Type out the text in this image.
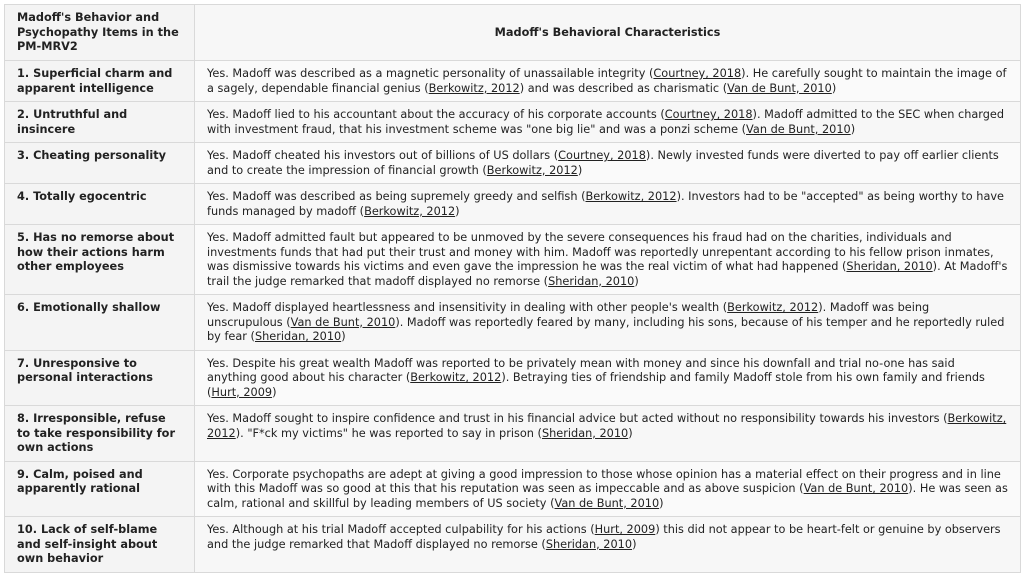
Madoff's Behavior and Psychopathy Items in the PM-MRV2	Madoff's Behavioral Characteristics
1. Superficial charm and apparent intelligence	Yes. Madoff was described as a magnetic personality of unassailable integrity (Courtney, 2018). He carefully sought to maintain the image of a sagely, dependable financial genius (Berkowitz, 2012) and was described as charismatic (Van de Bunt, 2010)
2. Untruthful and insincere	Yes. Madoff lied to his accountant about the accuracy of his corporate accounts (Courtney, 2018). Madoff admitted to the SEC when charged with investment fraud, that his investment scheme was "one big lie" and was a ponzi scheme (Van de Bunt, 2010)
3. Cheating personality	Yes. Madoff cheated his investors out of billions of US dollars (Courtney, 2018). Newly invested funds were diverted to pay off earlier clients and to create the impression of financial growth (Berkowitz, 2012)
4. Totally egocentric	Yes. Madoff was described as being supremely greedy and selfish (Berkowitz, 2012). Investors had to be "accepted" as being worthy to have funds managed by madoff (Berkowitz, 2012)
5. Has no remorse about how their actions harm other employees	Yes. Madoff admitted fault but appeared to be unmoved by the severe consequences his fraud had on the charities, individuals and investments funds that had put their trust and money with him. Madoff was reportedly unrepentant according to his fellow prison inmates, was dismissive towards his victims and even gave the impression he was the real victim of what had happened (Sheridan, 2010). At Madoff's trail the judge remarked that madoff displayed no remorse (Sheridan, 2010)
6. Emotionally shallow	Yes. Madoff displayed heartlessness and insensitivity in dealing with other people's wealth (Berkowitz, 2012). Madoff was being unscrupulous (Van de Bunt, 2010). Madoff was reportedly feared by many, including his sons, because of his temper and he reportedly ruled by fear (Sheridan, 2010)
7. Unresponsive to personal interactions	Yes. Despite his great wealth Madoff was reported to be privately mean with money and since his downfall and trial no-one has said anything good about his character (Berkowitz, 2012). Betraying ties of friendship and family Madoff stole from his own family and friends (Hurt, 2009)
8. Irresponsible, refuse to take responsibility for own actions	Yes. Madoff sought to inspire confidence and trust in his financial advice but acted without no responsibility towards his investors (Berkowitz, 2012). "F*ck my victims" he was reported to say in prison (Sheridan, 2010)
9. Calm, poised and apparently rational	Yes. Corporate psychopaths are adept at giving a good impression to those whose opinion has a material effect on their progress and in line with this Madoff was so good at this that his reputation was seen as impeccable and as above suspicion (Van de Bunt, 2010). He was seen as calm, rational and skillful by leading members of US society (Van de Bunt, 2010)
10. Lack of self-blame and self-insight about own behavior	Yes. Although at his trial Madoff accepted culpability for his actions (Hurt, 2009) this did not appear to be heart-felt or genuine by observers and the judge remarked that Madoff displayed no remorse (Sheridan, 2010)
